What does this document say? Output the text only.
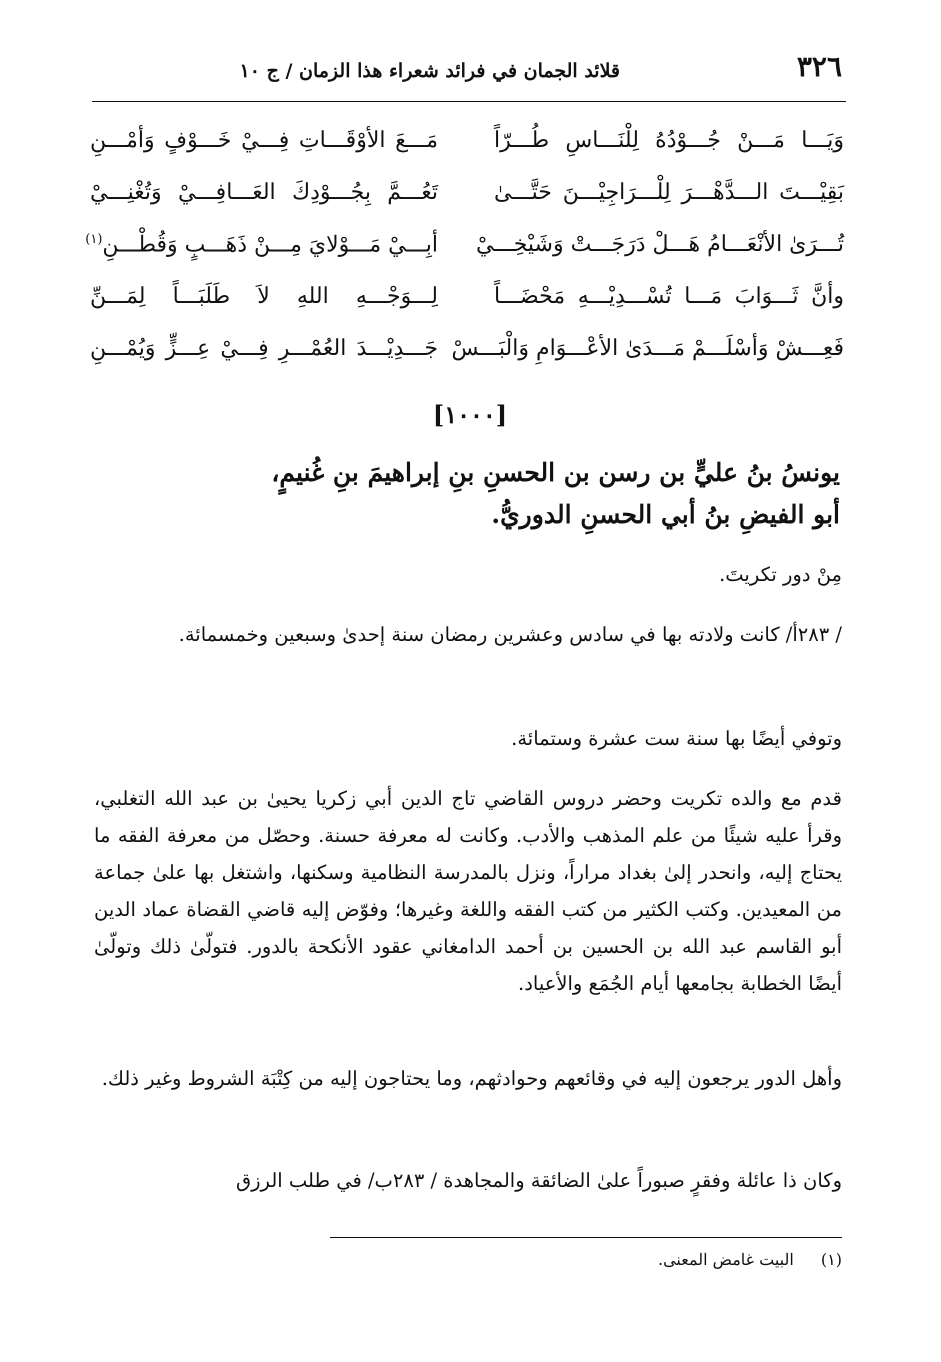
٣٢٦
قلائد الجمان في فرائد شعراء هذا الزمان / ج ١٠
وَيَـــا مَـــنْ جُـــوْدُهُ لِلْنَـــاسِ طُـــرّاً
مَـــعَ الأوْقَـــاتِ فِـــيْ خَـــوْفٍ وَأمْـــنِ
بَقِيْـــتَ الـــدَّهْـــرَ لِلْـــرَاجِيْـــنَ حَتَّـــىٰ
تَعُـــمَّ بِجُـــوْدِكَ العَـــافِـــيْ وَتُغْنِـــيْ
تُـــرَىٰ الأنْعَـــامُ هَـــلْ دَرَجَـــتْ وَشَيْخِـــيْ
أبِـــيْ مَـــوْلايَ مِـــنْ ذَهَـــبٍ وَقُطْـــنِ$^{(١)}$
وأنَّ ثَـــوَابَ مَـــا تُسْـــدِيْـــهِ مَحْضَـــاً
لِـــوَجْـــهِ اللهِ لاَ طَلَبَـــاً لِمَـــنِّ
فَعِـــشْ وَأسْلَـــمْ مَـــدَىٰ الأعْـــوَامِ وَالْبَـــسْ
جَـــدِيْـــدَ العُمْـــرِ فِـــيْ عِـــزٍّ وَيُمْـــنِ
[١٠٠٠]
يونسُ بنُ عليٍّ بن رسن بن الحسنِ بنِ إبراهيمَ بنِ غُنيمٍ،
أبو الفيضِ بنُ أبي الحسنِ الدوريُّ.
مِنْ دور تكريتَ.
/ ٢٨٣أ/ كانت ولادته بها في سادس وعشرين رمضان سنة إحدىٰ وسبعين وخمسمائة.
وتوفي أيضًا بها سنة ست عشرة وستمائة.
قدم مع والده تكريت وحضر دروس القاضي تاج الدين أبي زكريا يحيىٰ بن عبد الله التغلبي، وقرأ عليه شيئًا من علم المذهب والأدب. وكانت له معرفة حسنة. وحصّل من معرفة الفقه ما يحتاج إليه، وانحدر إلىٰ بغداد مراراً، ونزل بالمدرسة النظامية وسكنها، واشتغل بها علىٰ جماعة من المعيدين. وكتب الكثير من كتب الفقه واللغة وغيرها؛ وفوّض إليه قاضي القضاة عماد الدين أبو القاسم عبد الله بن الحسين بن أحمد الدامغاني عقود الأنكحة بالدور. فتولّىٰ ذلك وتولّىٰ أيضًا الخطابة بجامعها أيام الجُمَع والأعياد.
وأهل الدور يرجعون إليه في وقائعهم وحوادثهم، وما يحتاجون إليه من كِتْبَة الشروط وغير ذلك.
وكان ذا عائلة وفقرٍ صبوراً علىٰ الضائقة والمجاهدة / ٢٨٣ب/ في طلب الرزق
(١) البيت غامض المعنى.
